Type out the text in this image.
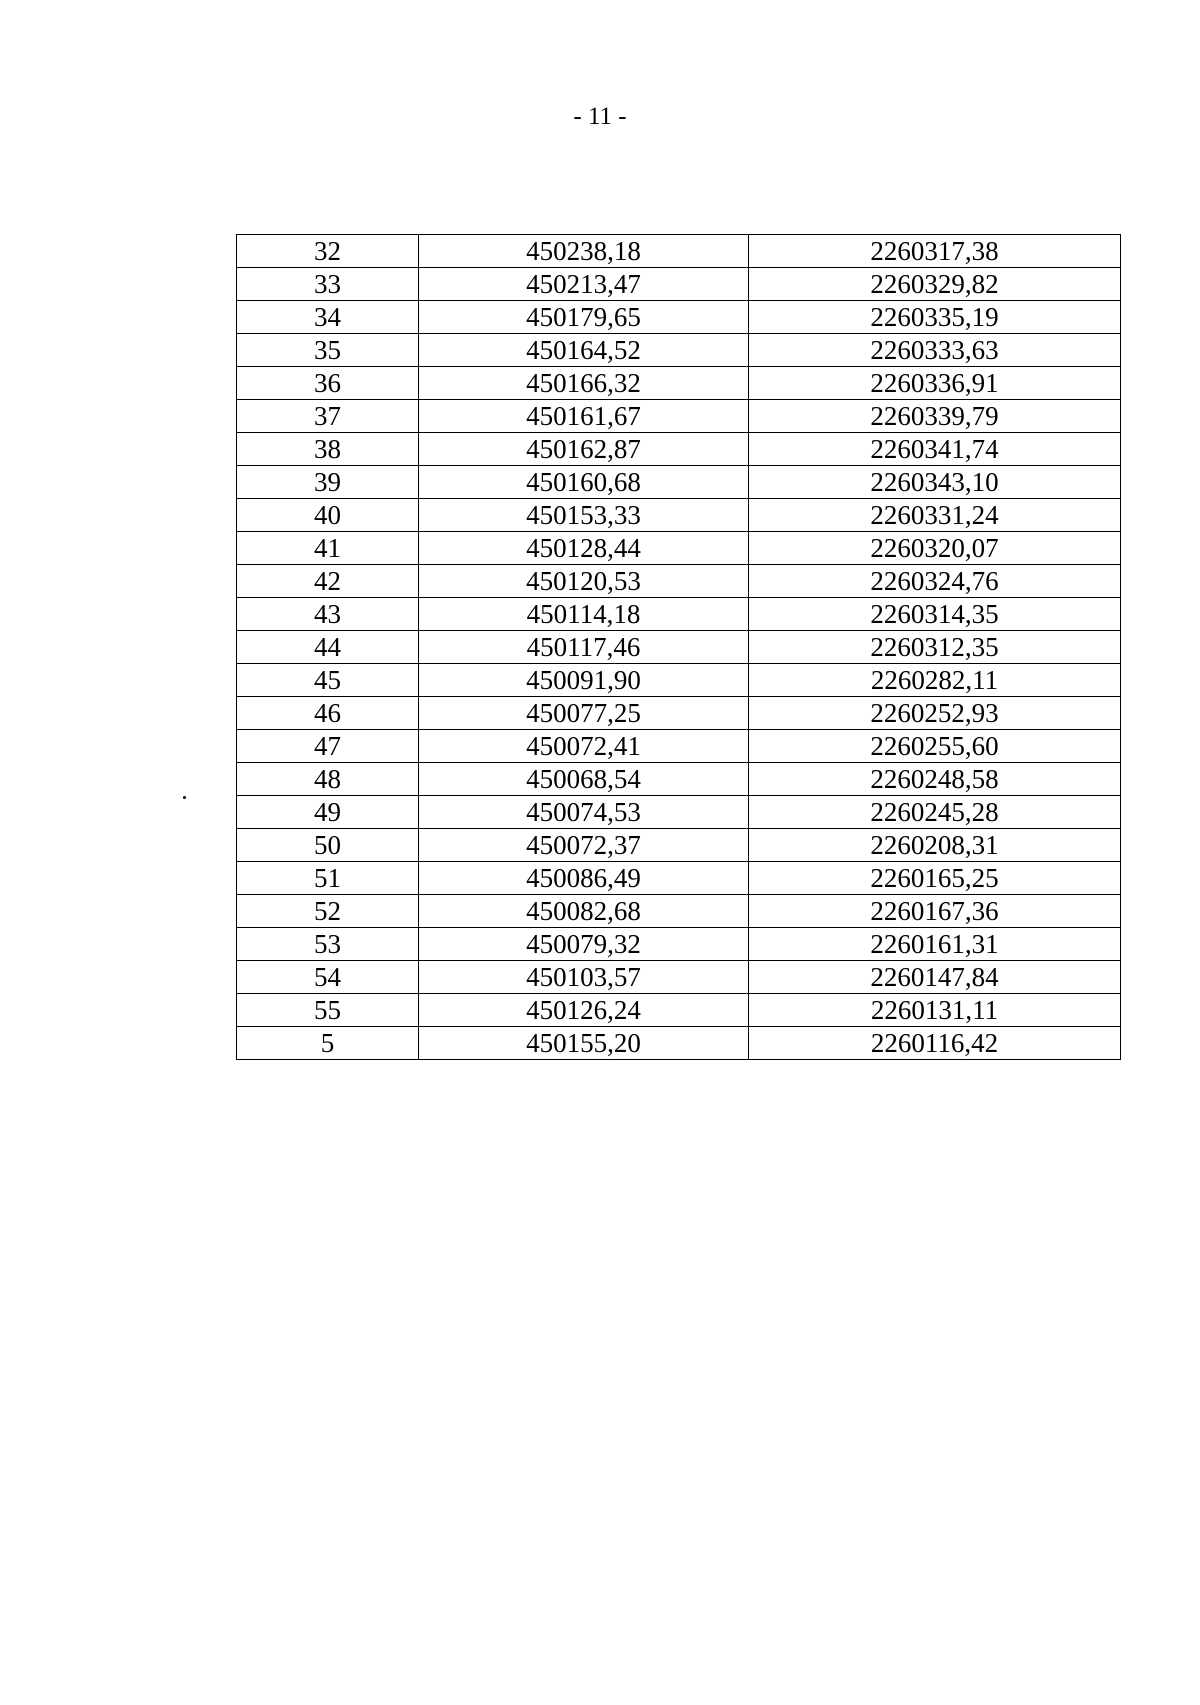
- 11 -
32	450238,18	2260317,38
33	450213,47	2260329,82
34	450179,65	2260335,19
35	450164,52	2260333,63
36	450166,32	2260336,91
37	450161,67	2260339,79
38	450162,87	2260341,74
39	450160,68	2260343,10
40	450153,33	2260331,24
41	450128,44	2260320,07
42	450120,53	2260324,76
43	450114,18	2260314,35
44	450117,46	2260312,35
45	450091,90	2260282,11
46	450077,25	2260252,93
47	450072,41	2260255,60
48	450068,54	2260248,58
49	450074,53	2260245,28
50	450072,37	2260208,31
51	450086,49	2260165,25
52	450082,68	2260167,36
53	450079,32	2260161,31
54	450103,57	2260147,84
55	450126,24	2260131,11
5	450155,20	2260116,42
